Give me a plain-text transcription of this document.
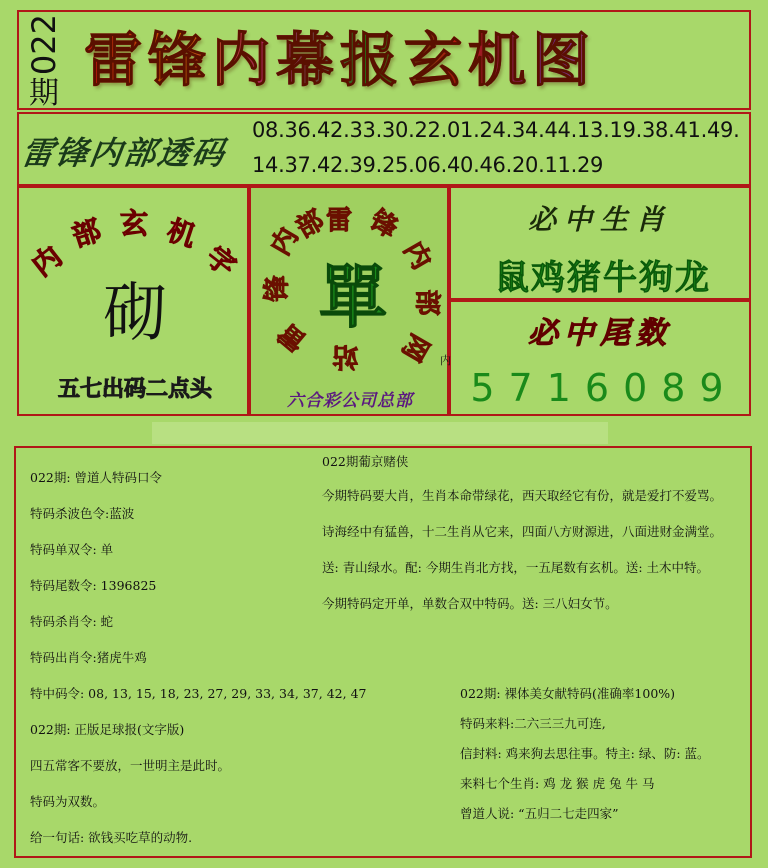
022
期 雷锋内幕报玄机图
雷锋内部透码
08.36.42.33.30.22.01.24.34.44.13.19.38.41.49.
14.37.42.39.25.06.40.46.20.11.29
内
部 玄 机
字
砌
五七出码二点头
雷 锋
内
部
网
站
雷
锋
内
部
單
六合彩公司总部
内
必中生肖
鼠鸡猪牛狗龙
必中尾数
5716089
022期: 曾道人特码口令
特码杀波色令:蓝波
特码单双令: 单
特码尾数令: 1396825
特码杀肖令: 蛇
特码出肖令:猪虎牛鸡
特中码令: 08, 13, 15, 18, 23, 27, 29, 33, 34, 37, 42, 47
022期: 正版足球报(文字版)
四五常客不要放，一世明主是此时。
特码为双数。
给一句话: 欲钱买吃草的动物.
022期葡京赌侠
今期特码要大肖，生肖本命带绿花，西天取经它有份，就是爱打不爱骂。
诗海经中有猛兽，十二生肖从它来，四面八方财源进，八面进财金满堂。
送: 青山绿水。配: 今期生肖北方找，一五尾数有玄机。送: 土木中特。
今期特码定开单，单数合双中特码。送: 三八妇女节。
022期: 裸体美女献特码(准确率100%)
特码来料:二六三三九可连,
信封料: 鸡来狗去思往事。特主: 绿、防: 蓝。
来料七个生肖: 鸡 龙 猴 虎 兔 牛 马
曾道人说: “五归二七走四家”
